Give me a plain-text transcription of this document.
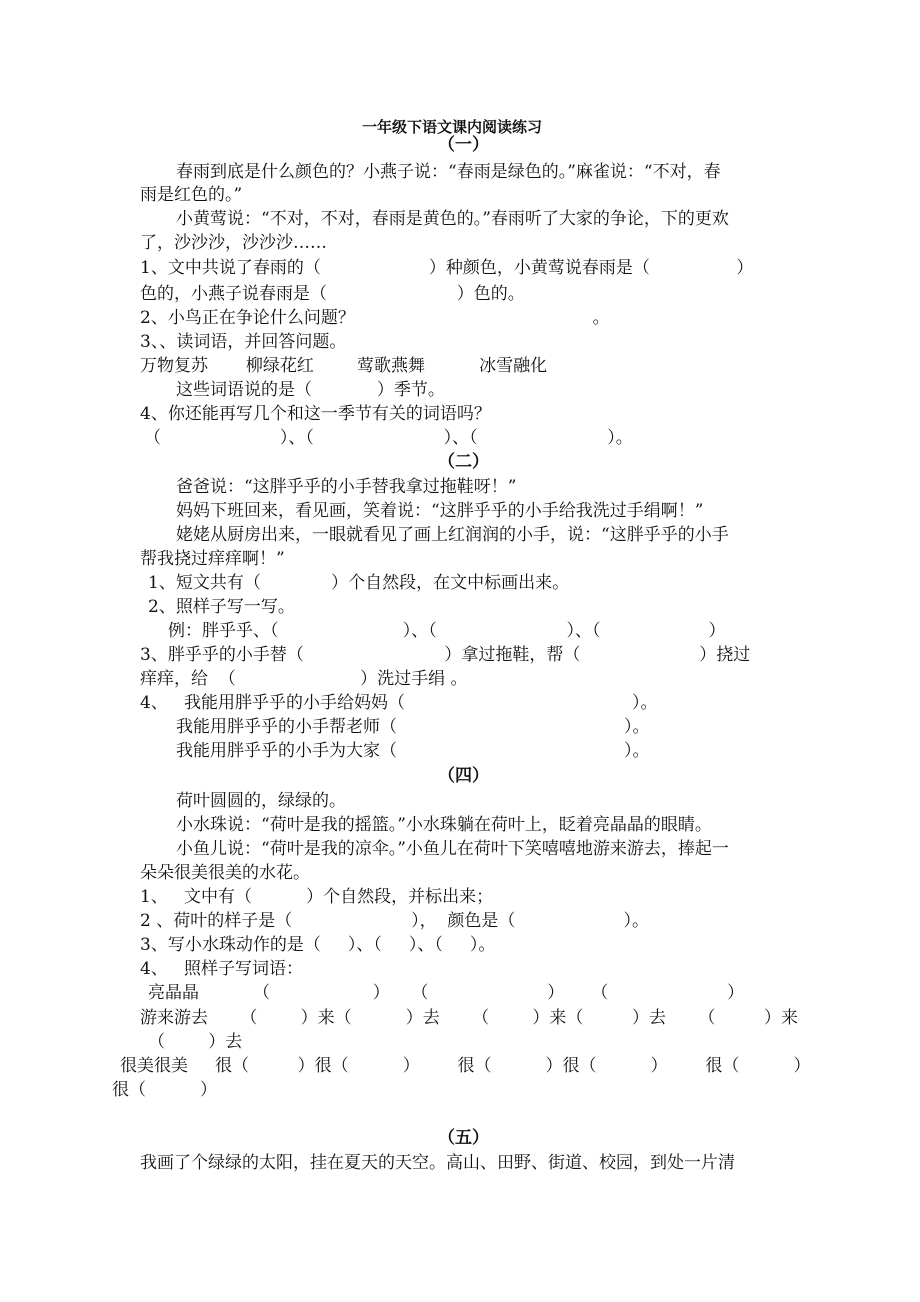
一年级下语文课内阅读练习

（一）

春雨到底是什么颜色的？小燕子说：“春雨是绿色的。”麻雀说：“不对，春

雨是红色的。”

小黄莺说：“不对，不对，春雨是黄色的。”春雨听了大家的争论，下的更欢

了，沙沙沙，沙沙沙……

1、文中共说了春雨的（                    ）种颜色，小黄莺说春雨是（                ）

色的，小燕子说春雨是（                        ）色的。

2、小鸟正在争论什么问题？                                            。

3、、读词语，并回答问题。

万物复苏       柳绿花红        莺歌燕舞          冰雪融化

这些词语说的是（            ）季节。

4、你还能再写几个和这一季节有关的词语吗？

（                      ）、（                        ）、（                        ）。

（二）

爸爸说：“这胖乎乎的小手替我拿过拖鞋呀！”

妈妈下班回来，看见画，笑着说：“这胖乎乎的小手给我洗过手绢啊！”

姥姥从厨房出来，一眼就看见了画上红润润的小手，说：“这胖乎乎的小手

帮我挠过痒痒啊！”

1、短文共有（             ）个自然段，在文中标画出来。

2、照样子写一写。

例：胖乎乎、（                       ）、（                        ）、（                    ）

3、胖乎乎的小手替（                          ）拿过拖鞋，帮（                      ）挠过

痒痒，给  （                       ）洗过手绢 。

4、   我能用胖乎乎的小手给妈妈（                                          ）。

我能用胖乎乎的小手帮老师（                                          ）。

我能用胖乎乎的小手为大家（                                          ）。

（四）

荷叶圆圆的，绿绿的。

小水珠说：“荷叶是我的摇篮。”小水珠躺在荷叶上，眨着亮晶晶的眼睛。

小鱼儿说：“荷叶是我的凉伞。”小鱼儿在荷叶下笑嘻嘻地游来游去，捧起一

朵朵很美很美的水花。

1、   文中有（          ）个自然段，并标出来；

2 、荷叶的样子是（                      ），  颜色是（                    ）。

3、写小水珠动作的是（     ）、（     ）、（     ）。

4、   照样子写词语：

亮晶晶          （                   ）    （                      ）     （                      ）

游来游去      （        ）来（          ）去      （        ）来（         ）去      （         ）来

（        ）去

很美很美     很（         ）很（          ）       很（          ）很（          ）       很（          ）

很（          ）

（五）

我画了个绿绿的太阳，挂在夏天的天空。高山、田野、街道、校园，到处一片清
